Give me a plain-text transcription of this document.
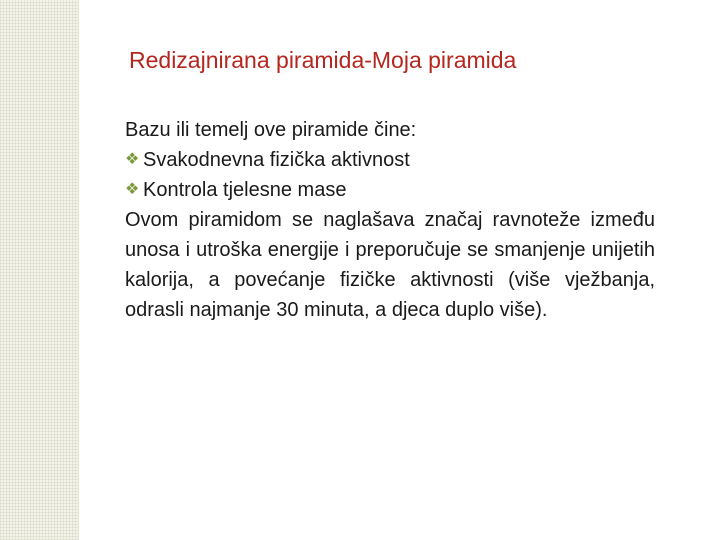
Redizajnirana piramida-Moja piramida
Bazu ili temelj ove piramide čine:
❖ Svakodnevna fizička aktivnost
❖ Kontrola tjelesne mase

Ovom piramidom se naglašava značaj ravnoteže između unosa i utroška energije i preporučuje se smanjenje unijetih kalorija, a povećanje fizičke aktivnosti (više vježbanja, odrasli najmanje 30 minuta, a djeca duplo više).
